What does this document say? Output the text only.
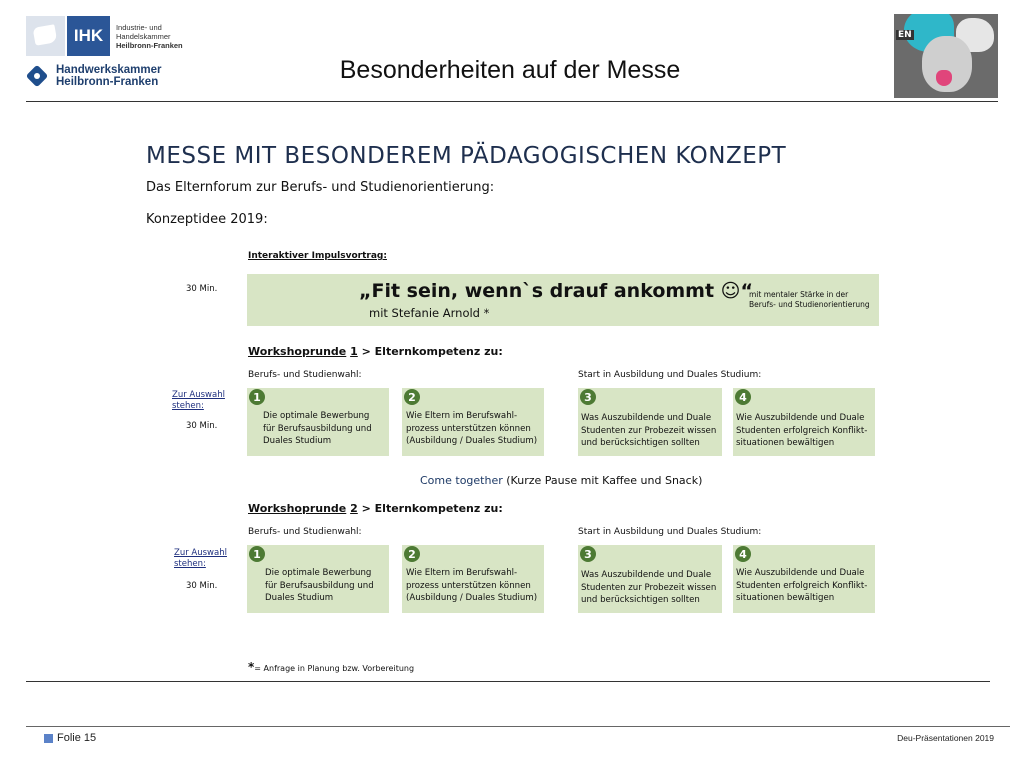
IHK	Industrie- und Handelskammer

Heilbronn-Franken
Handwerkskammer
Heilbronn-Franken	Besonderheiten auf der Messe
EN
MESSE MIT BESONDEREM PÄDAGOGISCHEN KONZEPT
Das Elternforum zur Berufs- und Studienorientierung:
Konzeptidee 2019:
Interaktiver Impulsvortrag:
30 Min.	„Fit sein, wenn`s drauf ankommt ☺“
mit Stefanie Arnold *
mit mentaler Stärke in der
Berufs- und Studienorientierung
Workshoprunde 1 > Elternkompetenz zu:
Berufs- und Studienwahl:	Start in Ausbildung und Duales Studium:
Zur Auswahl
stehen:
30 Min.
1
Die optimale Bewerbung
für Berufsausbildung und
Duales Studium
2
Wie Eltern im Berufswahl-
prozess unterstützen können
(Ausbildung / Duales Studium)
3
Was Auszubildende und Duale
Studenten zur Probezeit wissen
und berücksichtigen sollten
4
Wie Auszubildende und Duale
Studenten erfolgreich Konflikt-
situationen bewältigen
Come together (Kurze Pause mit Kaffee und Snack)
Workshoprunde 2 > Elternkompetenz zu:
Berufs- und Studienwahl:	Start in Ausbildung und Duales Studium:
Zur Auswahl
stehen:
30 Min.
1
Die optimale Bewerbung
für Berufsausbildung und
Duales Studium
2
Wie Eltern im Berufswahl-
prozess unterstützen können
(Ausbildung / Duales Studium)
3
Was Auszubildende und Duale
Studenten zur Probezeit wissen
und berücksichtigen sollten
4
Wie Auszubildende und Duale
Studenten erfolgreich Konflikt-
situationen bewältigen
*= Anfrage in Planung bzw. Vorbereitung
Folie 15	Deu-Präsentationen 2019
